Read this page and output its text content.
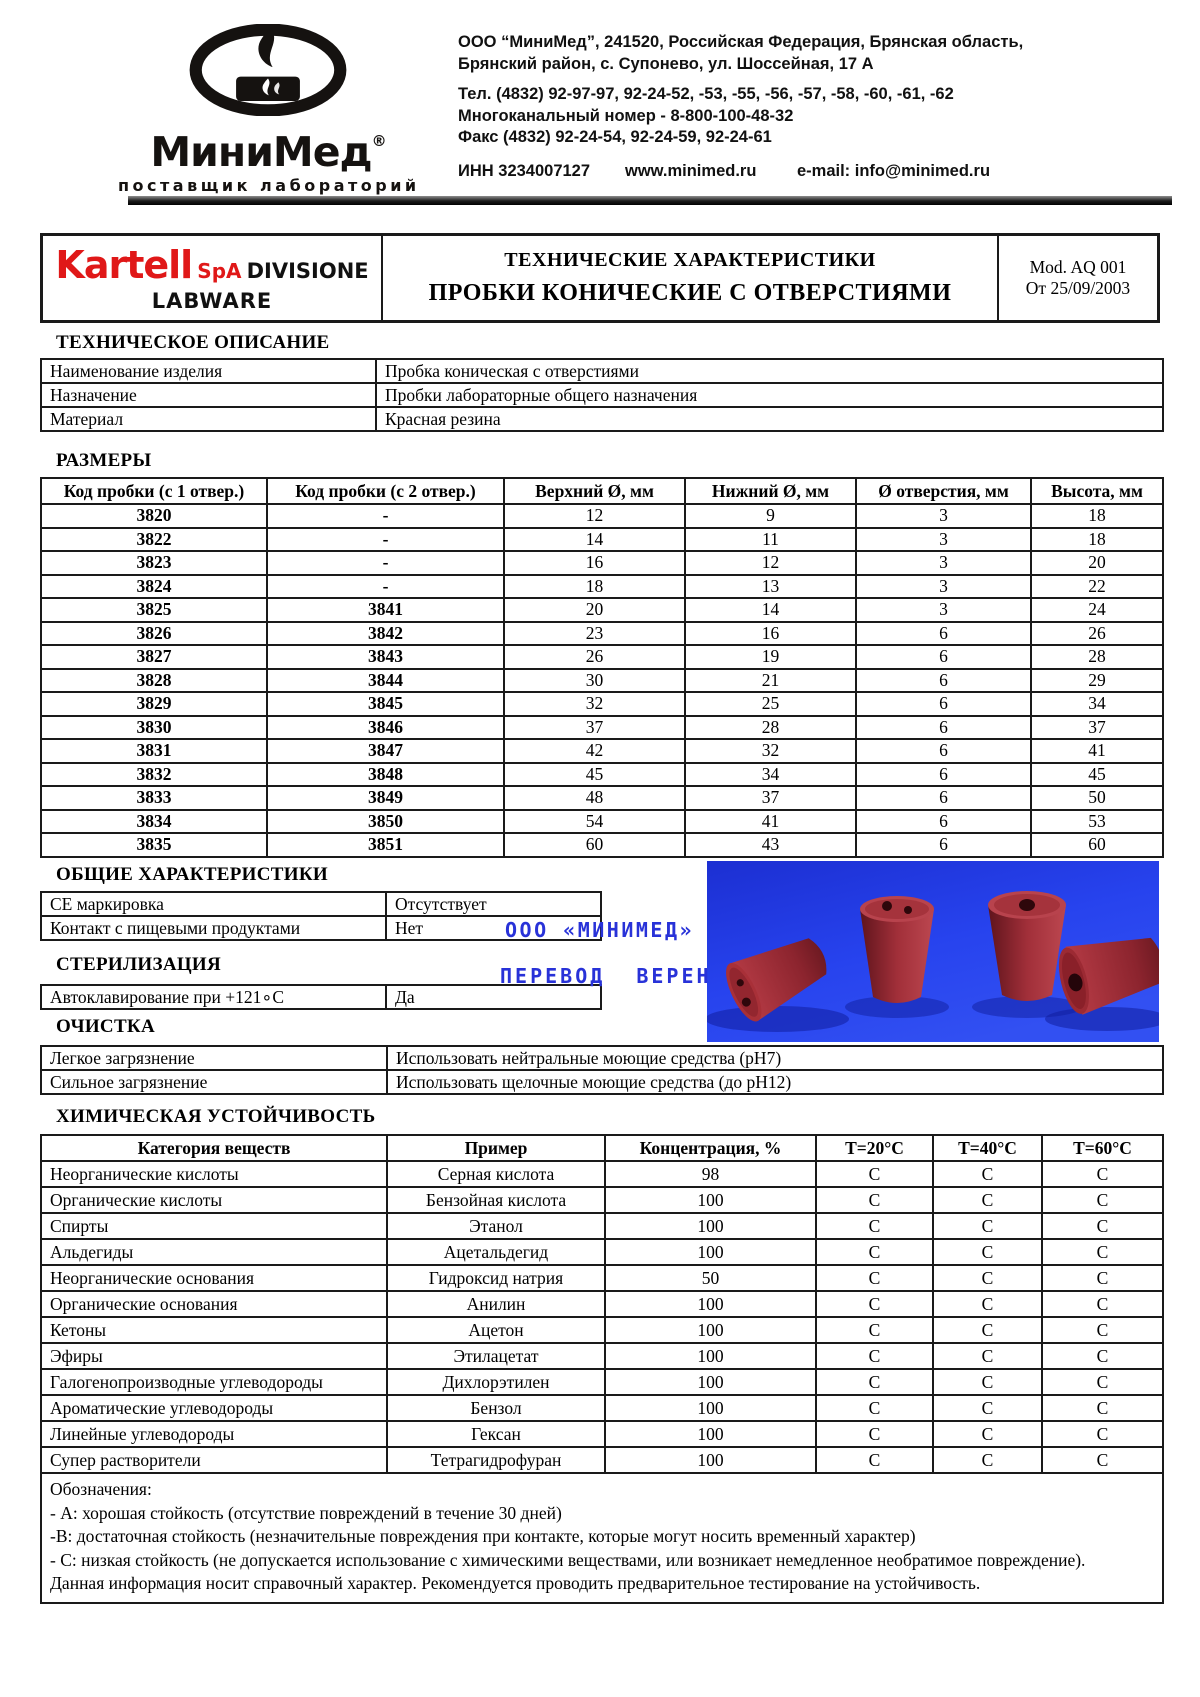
МиниМед®
поставщик лабораторий
ООО “МиниМед”, 241520, Российская Федерация, Брянская область,
Брянский район, с. Супонево, ул. Шоссейная, 17 А
Тел. (4832) 92-97-97, 92-24-52, -53, -55, -56, -57, -58, -60, -61, -62
Многоканальный номер - 8-800-100-48-32
Факс (4832) 92-24-54, 92-24-59, 92-24-61
ИНН 3234007127	www.minimed.ru	e-mail: info@minimed.ru
Kartell SpA DIVISIONE
LABWARE
ТЕХНИЧЕСКИЕ ХАРАКТЕРИСТИКИ
ПРОБКИ КОНИЧЕСКИЕ С ОТВЕРСТИЯМИ
Mod. AQ 001
От 25/09/2003
ТЕХНИЧЕСКОЕ ОПИСАНИЕ
Наименование изделия	Пробка коническая с отверстиями
Назначение	Пробки лабораторные общего назначения
Материал	Красная резина
РАЗМЕРЫ
Код пробки (с 1 отвер.)	Код пробки (с 2 отвер.)	Верхний Ø, мм	Нижний Ø, мм	Ø отверстия, мм	Высота, мм
3820	-	12	9	3	18
3822	-	14	11	3	18
3823	-	16	12	3	20
3824	-	18	13	3	22
3825	3841	20	14	3	24
3826	3842	23	16	6	26
3827	3843	26	19	6	28
3828	3844	30	21	6	29
3829	3845	32	25	6	34
3830	3846	37	28	6	37
3831	3847	42	32	6	41
3832	3848	45	34	6	45
3833	3849	48	37	6	50
3834	3850	54	41	6	53
3835	3851	60	43	6	60
ОБЩИЕ ХАРАКТЕРИСТИКИ
СЕ маркировка	Отсутствует
Контакт с пищевыми продуктами	Нет	ООО «МИНИМЕД»
ПЕРЕВОД ВЕРЕН
СТЕРИЛИЗАЦИЯ
Автоклавирование при +121∘С	Да
ОЧИСТКА
Легкое загрязнение	Использовать нейтральные моющие средства (рН7)
Сильное загрязнение	Использовать щелочные моющие средства (до рН12)
ХИМИЧЕСКАЯ УСТОЙЧИВОСТЬ
Категория веществ	Пример	Концентрация, %	Т=20°С	Т=40°С	Т=60°С
Неорганические кислоты	Серная кислота	98	С	С	С
Органические кислоты	Бензойная кислота	100	С	С	С
Спирты	Этанол	100	С	С	С
Альдегиды	Ацетальдегид	100	С	С	С
Неорганические основания	Гидроксид натрия	50	С	С	С
Органические основания	Анилин	100	С	С	С
Кетоны	Ацетон	100	С	С	С
Эфиры	Этилацетат	100	С	С	С
Галогенопроизводные углеводороды	Дихлорэтилен	100	С	С	С
Ароматические углеводороды	Бензол	100	С	С	С
Линейные углеводороды	Гексан	100	С	С	С
Супер растворители	Тетрагидрофуран	100	С	С	С

Обозначения:
- А: хорошая стойкость (отсутствие повреждений в течение 30 дней)
-В: достаточная стойкость (незначительные повреждения при контакте, которые могут носить временный характер)
- С: низкая стойкость (не допускается использование с химическими веществами, или возникает немедленное необратимое повреждение).
Данная информация носит справочный характер. Рекомендуется проводить предварительное тестирование на устойчивость.					
